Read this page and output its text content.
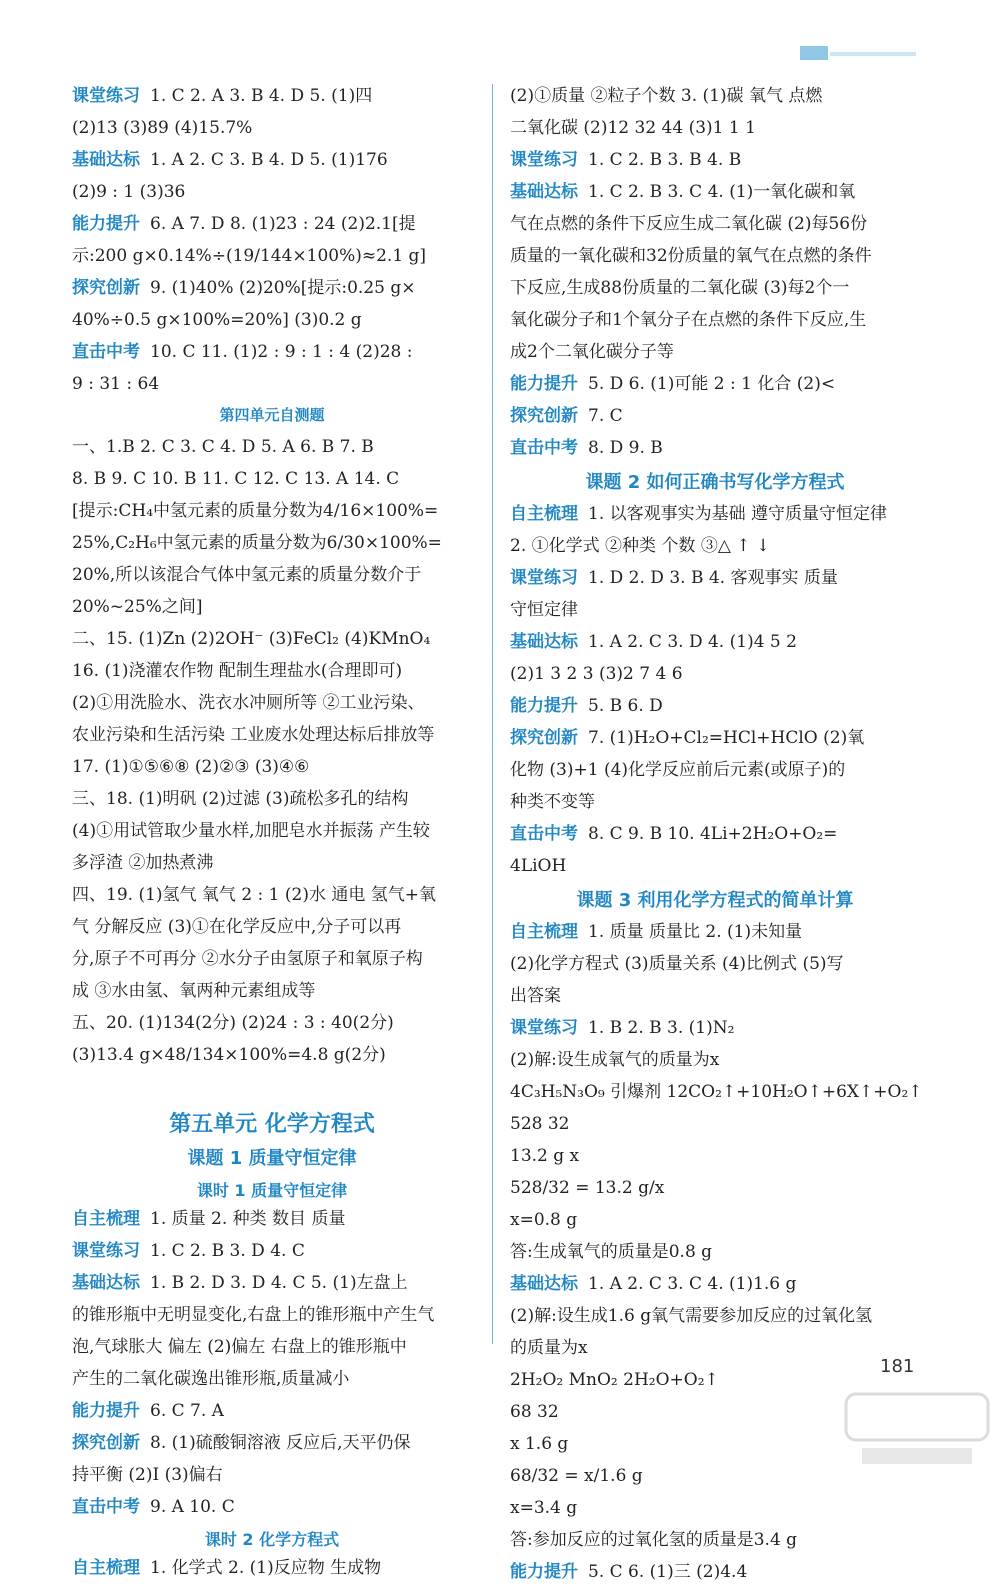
课堂练习 1. C 2. A 3. B 4. D 5. (1)四
(2)13 (3)89 (4)15.7%
基础达标 1. A 2. C 3. B 4. D 5. (1)176
(2)9 : 1 (3)36
能力提升 6. A 7. D 8. (1)23 : 24 (2)2.1[提
示:200 g×0.14%÷(19/144×100%)≈2.1 g]
探究创新 9. (1)40% (2)20%[提示:0.25 g×
40%÷0.5 g×100%=20%] (3)0.2 g
直击中考 10. C 11. (1)2 : 9 : 1 : 4 (2)28 :
9 : 31 : 64
第四单元自测题
一、1.B 2. C 3. C 4. D 5. A 6. B 7. B
8. B 9. C 10. B 11. C 12. C 13. A 14. C
[提示:CH₄中氢元素的质量分数为4/16×100%=
25%,C₂H₆中氢元素的质量分数为6/30×100%=
20%,所以该混合气体中氢元素的质量分数介于
20%~25%之间]
二、15. (1)Zn (2)2OH⁻ (3)FeCl₂ (4)KMnO₄
16. (1)浇灌农作物 配制生理盐水(合理即可)
(2)①用洗脸水、洗衣水冲厕所等 ②工业污染、
农业污染和生活污染 工业废水处理达标后排放等
17. (1)①⑤⑥⑧ (2)②③ (3)④⑥
三、18. (1)明矾 (2)过滤 (3)疏松多孔的结构
(4)①用试管取少量水样,加肥皂水并振荡 产生较
多浮渣 ②加热煮沸
四、19. (1)氢气 氧气 2 : 1 (2)水 通电 氢气+氧
气 分解反应 (3)①在化学反应中,分子可以再
分,原子不可再分 ②水分子由氢原子和氧原子构
成 ③水由氢、氧两种元素组成等
五、20. (1)134(2分) (2)24 : 3 : 40(2分)
(3)13.4 g×48/134×100%=4.8 g(2分)
第五单元 化学方程式
课题 1 质量守恒定律
课时 1 质量守恒定律
自主梳理 1. 质量 2. 种类 数目 质量
课堂练习 1. C 2. B 3. D 4. C
基础达标 1. B 2. D 3. D 4. C 5. (1)左盘上
的锥形瓶中无明显变化,右盘上的锥形瓶中产生气
泡,气球胀大 偏左 (2)偏左 右盘上的锥形瓶中
产生的二氧化碳逸出锥形瓶,质量减小
能力提升 6. C 7. A
探究创新 8. (1)硫酸铜溶液 反应后,天平仍保
持平衡 (2)I (3)偏右
直击中考 9. A 10. C
课时 2 化学方程式
自主梳理 1. 化学式 2. (1)反应物 生成物
(2)①质量 ②粒子个数 3. (1)碳 氧气 点燃
二氧化碳 (2)12 32 44 (3)1 1 1
课堂练习 1. C 2. B 3. B 4. B
基础达标 1. C 2. B 3. C 4. (1)一氧化碳和氧
气在点燃的条件下反应生成二氧化碳 (2)每56份
质量的一氧化碳和32份质量的氧气在点燃的条件
下反应,生成88份质量的二氧化碳 (3)每2个一
氧化碳分子和1个氧分子在点燃的条件下反应,生
成2个二氧化碳分子等
能力提升 5. D 6. (1)可能 2 : 1 化合 (2)<
探究创新 7. C
直击中考 8. D 9. B
课题 2 如何正确书写化学方程式
自主梳理 1. 以客观事实为基础 遵守质量守恒定律
2. ①化学式 ②种类 个数 ③△ ↑ ↓
课堂练习 1. D 2. D 3. B 4. 客观事实 质量
守恒定律
基础达标 1. A 2. C 3. D 4. (1)4 5 2
(2)1 3 2 3 (3)2 7 4 6
能力提升 5. B 6. D
探究创新 7. (1)H₂O+Cl₂=HCl+HClO (2)氧
化物 (3)+1 (4)化学反应前后元素(或原子)的
种类不变等
直击中考 8. C 9. B 10. 4Li+2H₂O+O₂=
4LiOH
课题 3 利用化学方程式的简单计算
自主梳理 1. 质量 质量比 2. (1)未知量
(2)化学方程式 (3)质量关系 (4)比例式 (5)写
出答案
课堂练习 1. B 2. B 3. (1)N₂
(2)解:设生成氧气的质量为x
4C₃H₅N₃O₉ 引爆剂 12CO₂↑+10H₂O↑+6X↑+O₂↑
528 32
13.2 g x
528/32 = 13.2 g/x
x=0.8 g
答:生成氧气的质量是0.8 g
基础达标 1. A 2. C 3. C 4. (1)1.6 g
(2)解:设生成1.6 g氧气需要参加反应的过氧化氢
的质量为x
2H₂O₂ MnO₂ 2H₂O+O₂↑
68 32
x 1.6 g
68/32 = x/1.6 g
x=3.4 g
答:参加反应的过氧化氢的质量是3.4 g
能力提升 5. C 6. (1)三 (2)4.4
181
